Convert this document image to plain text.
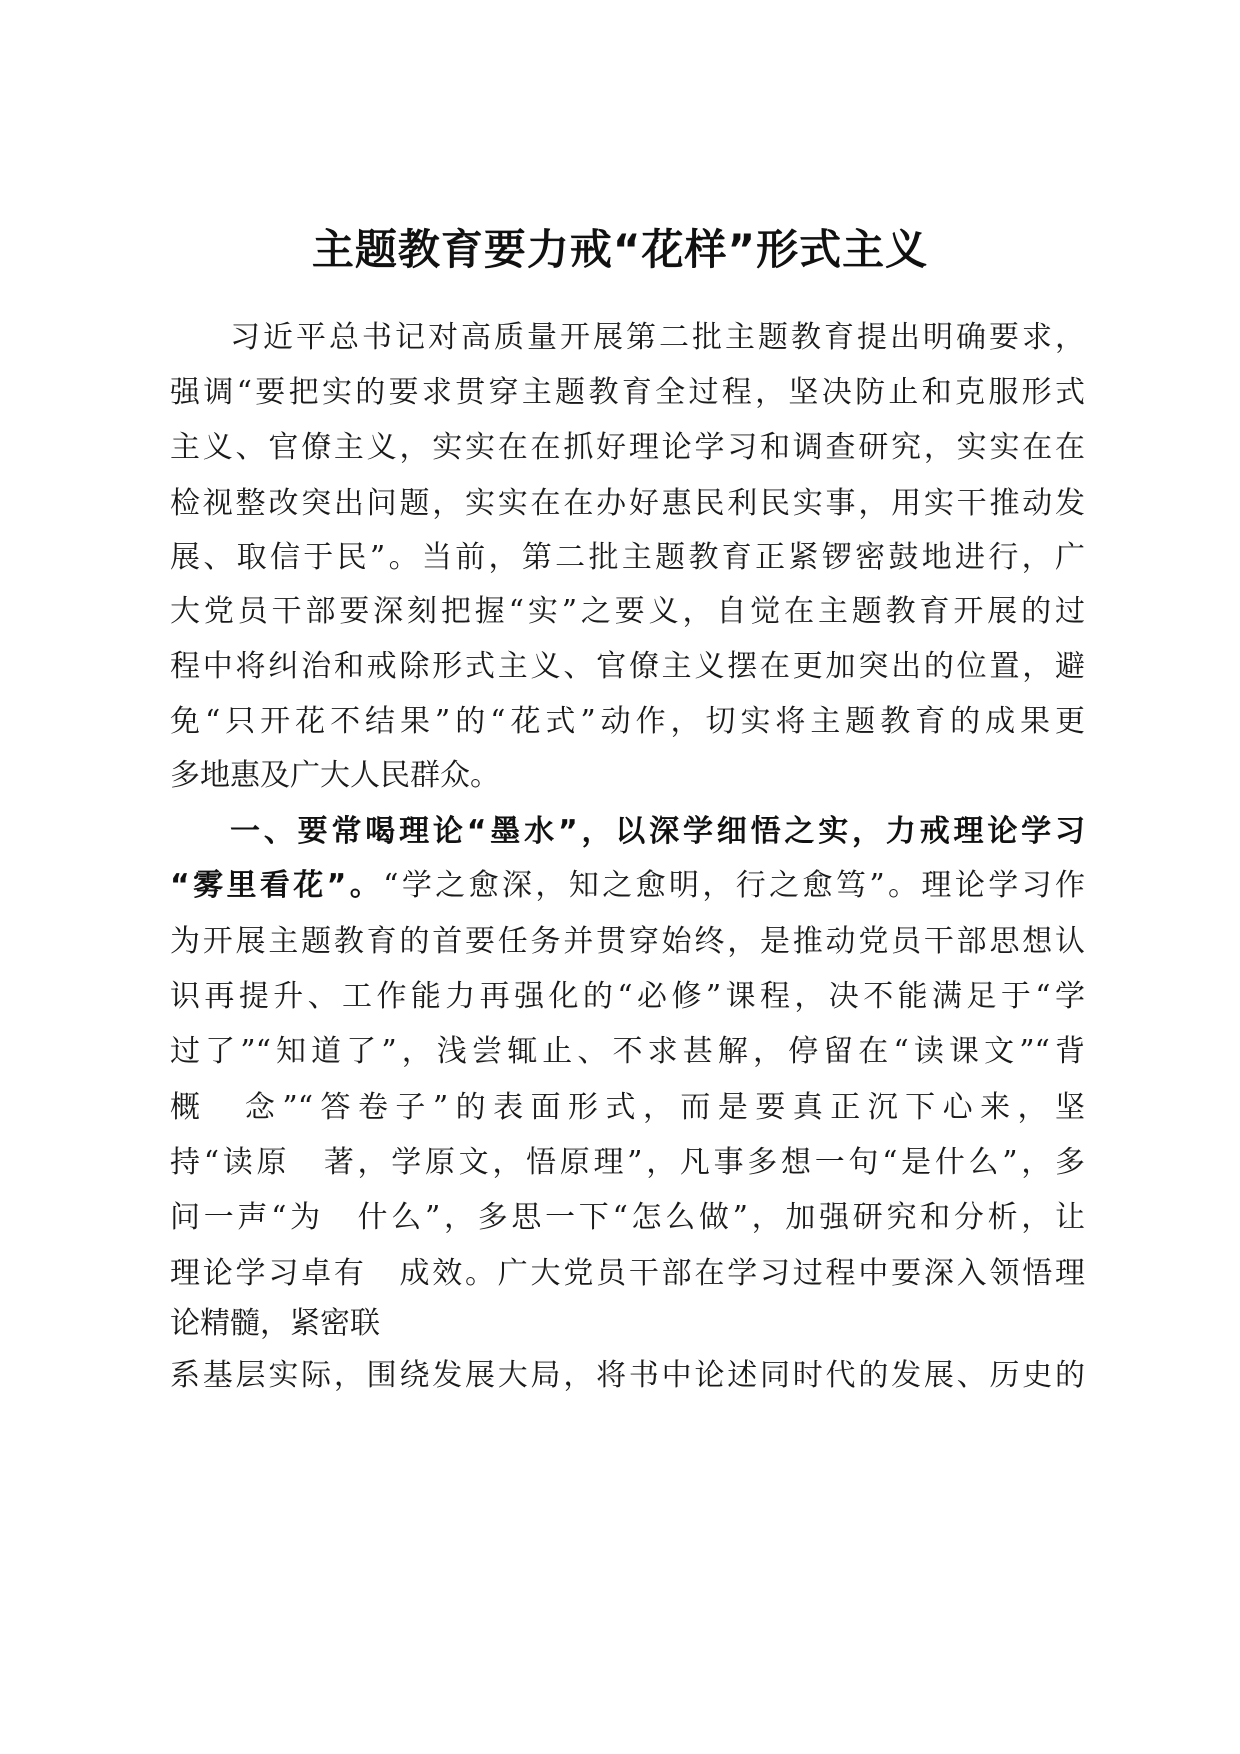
主题教育要力戒“花样”形式主义
习近平总书记对高质量开展第二批主题教育提出明确要求，
强调“要把实的要求贯穿主题教育全过程，坚决防止和克服形式
主义、官僚主义，实实在在抓好理论学习和调查研究，实实在在
检视整改突出问题，实实在在办好惠民利民实事，用实干推动发
展、取信于民”。当前，第二批主题教育正紧锣密鼓地进行，广
大党员干部要深刻把握“实”之要义，自觉在主题教育开展的过
程中将纠治和戒除形式主义、官僚主义摆在更加突出的位置，避
免“只开花不结果”的“花式”动作，切实将主题教育的成果更
多地惠及广大人民群众。
一、要常喝理论“墨水”，以深学细悟之实，力戒理论学习
“雾里看花”。“学之愈深，知之愈明，行之愈笃”。理论学习作
为开展主题教育的首要任务并贯穿始终，是推动党员干部思想认
识再提升、工作能力再强化的“必修”课程，决不能满足于“学
过了”“知道了”，浅尝辄止、不求甚解，停留在“读课文”“背
概　念”“答卷子”的表面形式，而是要真正沉下心来，坚
持“读原　著，学原文，悟原理”，凡事多想一句“是什么”，多
问一声“为　什么”，多思一下“怎么做”，加强研究和分析，让
理论学习卓有　成效。广大党员干部在学习过程中要深入领悟理
论精髓，紧密联
系基层实际，围绕发展大局，将书中论述同时代的发展、历史的
